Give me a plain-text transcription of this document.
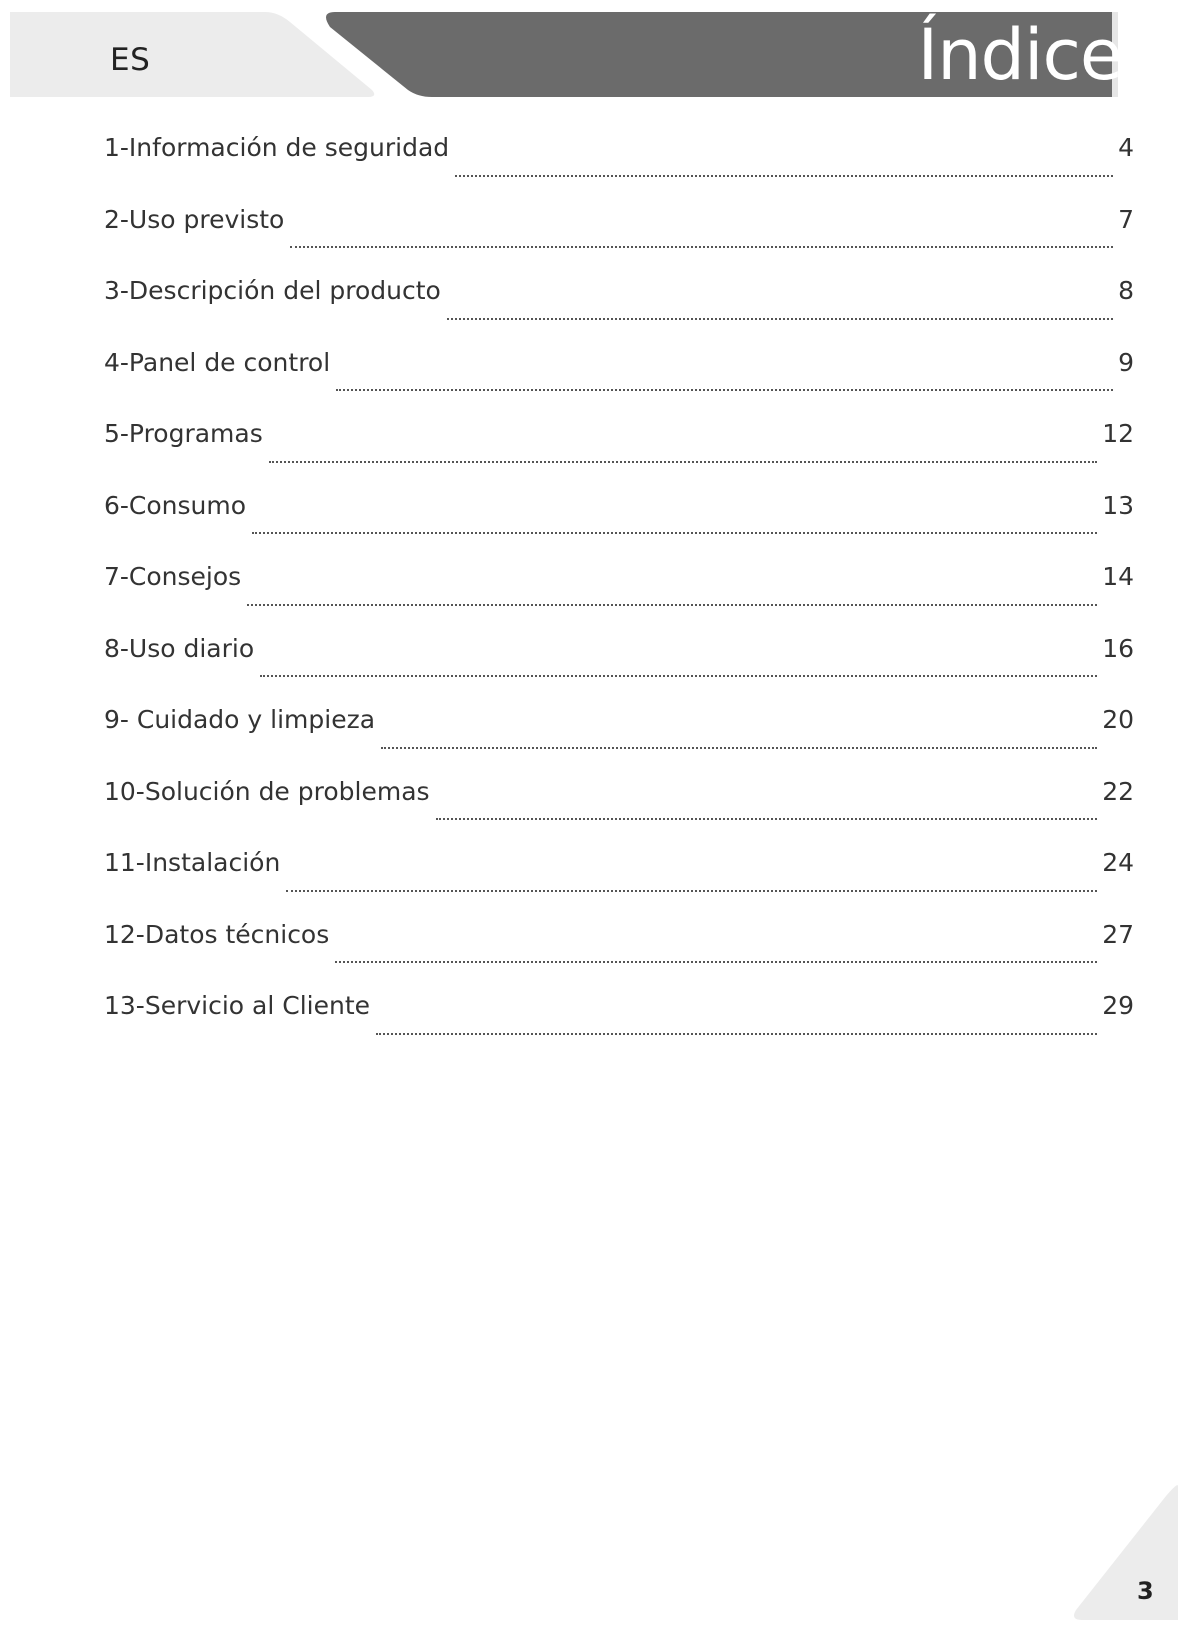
ES	Índice
1-Información de seguridad	4
2-Uso previsto	7
3-Descripción del producto	8
4-Panel de control	9
5-Programas	12
6-Consumo	13
7-Consejos	14
8-Uso diario	16
9- Cuidado y limpieza	20
10-Solución de problemas	22
11-Instalación	24
12-Datos técnicos	27
13-Servicio al Cliente	29
3
